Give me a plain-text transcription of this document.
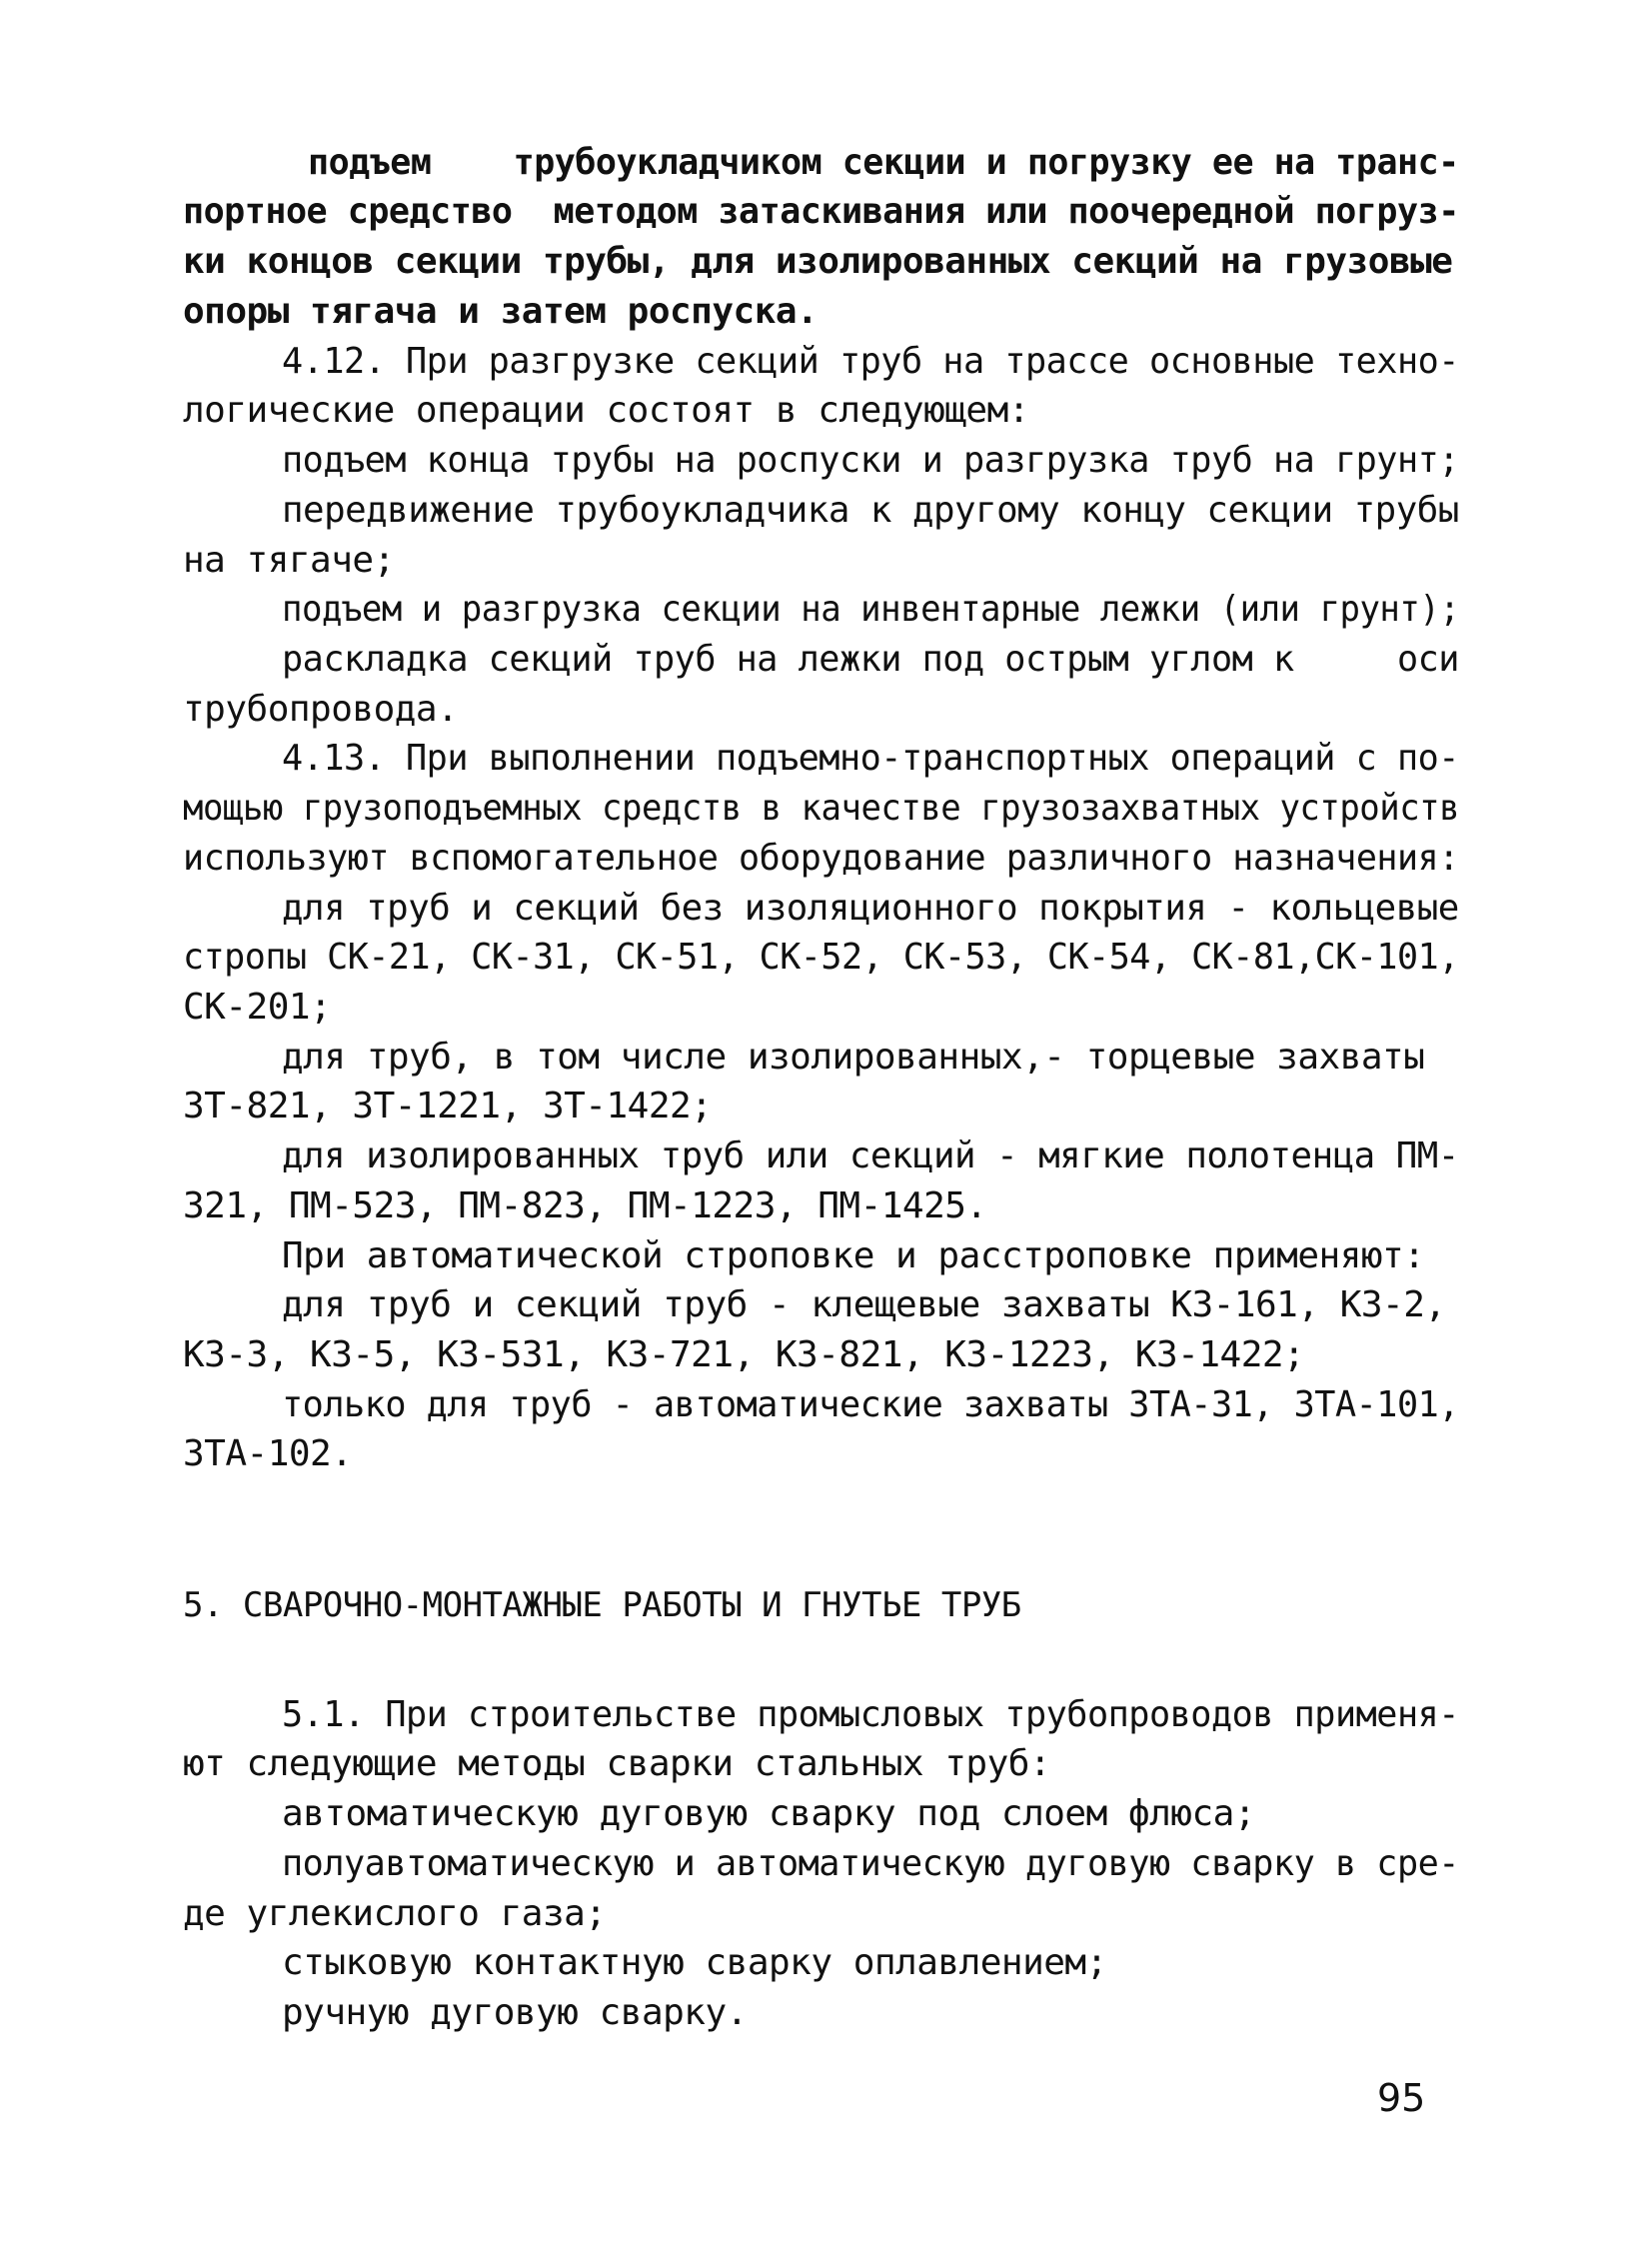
подъем    трубоукладчиком секции и погрузку ее на транс-
портное средство  методом затаскивания или поочередной погруз-
ки концов секции трубы, для изолированных секций на грузовые
опоры тягача и затем роспуска.
4.12. При разгрузке секций труб на трассе основные техно-
логические операции состоят в следующем:
подъем конца трубы на роспуски и разгрузка труб на грунт;
передвижение трубоукладчика к другому концу секции трубы
на тягаче;
подъем и разгрузка секции на инвентарные лежки (или грунт);
раскладка секций труб на лежки под острым углом к     оси
трубопровода.
4.13. При выполнении подъемно-транспортных операций с по-
мощью грузоподъемных средств в качестве грузозахватных устройств
используют вспомогательное оборудование различного назначения:
для труб и секций без изоляционного покрытия - кольцевые
стропы СК-21, СК-31, СК-51, СК-52, СК-53, СК-54, СК-81,СК-101,
СК-201;
для труб, в том числе изолированных,- торцевые захваты
ЗТ-821, ЗТ-1221, ЗТ-1422;
для изолированных труб или секций - мягкие полотенца ПМ-
321, ПМ-523, ПМ-823, ПМ-1223, ПМ-1425.
При автоматической строповке и расстроповке применяют:
для труб и секций труб - клещевые захваты КЗ-161, КЗ-2,
КЗ-3, КЗ-5, КЗ-531, КЗ-721, КЗ-821, КЗ-1223, КЗ-1422;
только для труб - автоматические захваты ЗТА-31, ЗТА-101,
ЗТА-102.
5. СВАРОЧНО-МОНТАЖНЫЕ РАБОТЫ И ГНУТЬЕ ТРУБ
5.1. При строительстве промысловых трубопроводов применя-
ют следующие методы сварки стальных труб:
автоматическую дуговую сварку под слоем флюса;
полуавтоматическую и автоматическую дуговую сварку в сре-
де углекислого газа;
стыковую контактную сварку оплавлением;
ручную дуговую сварку.
95
